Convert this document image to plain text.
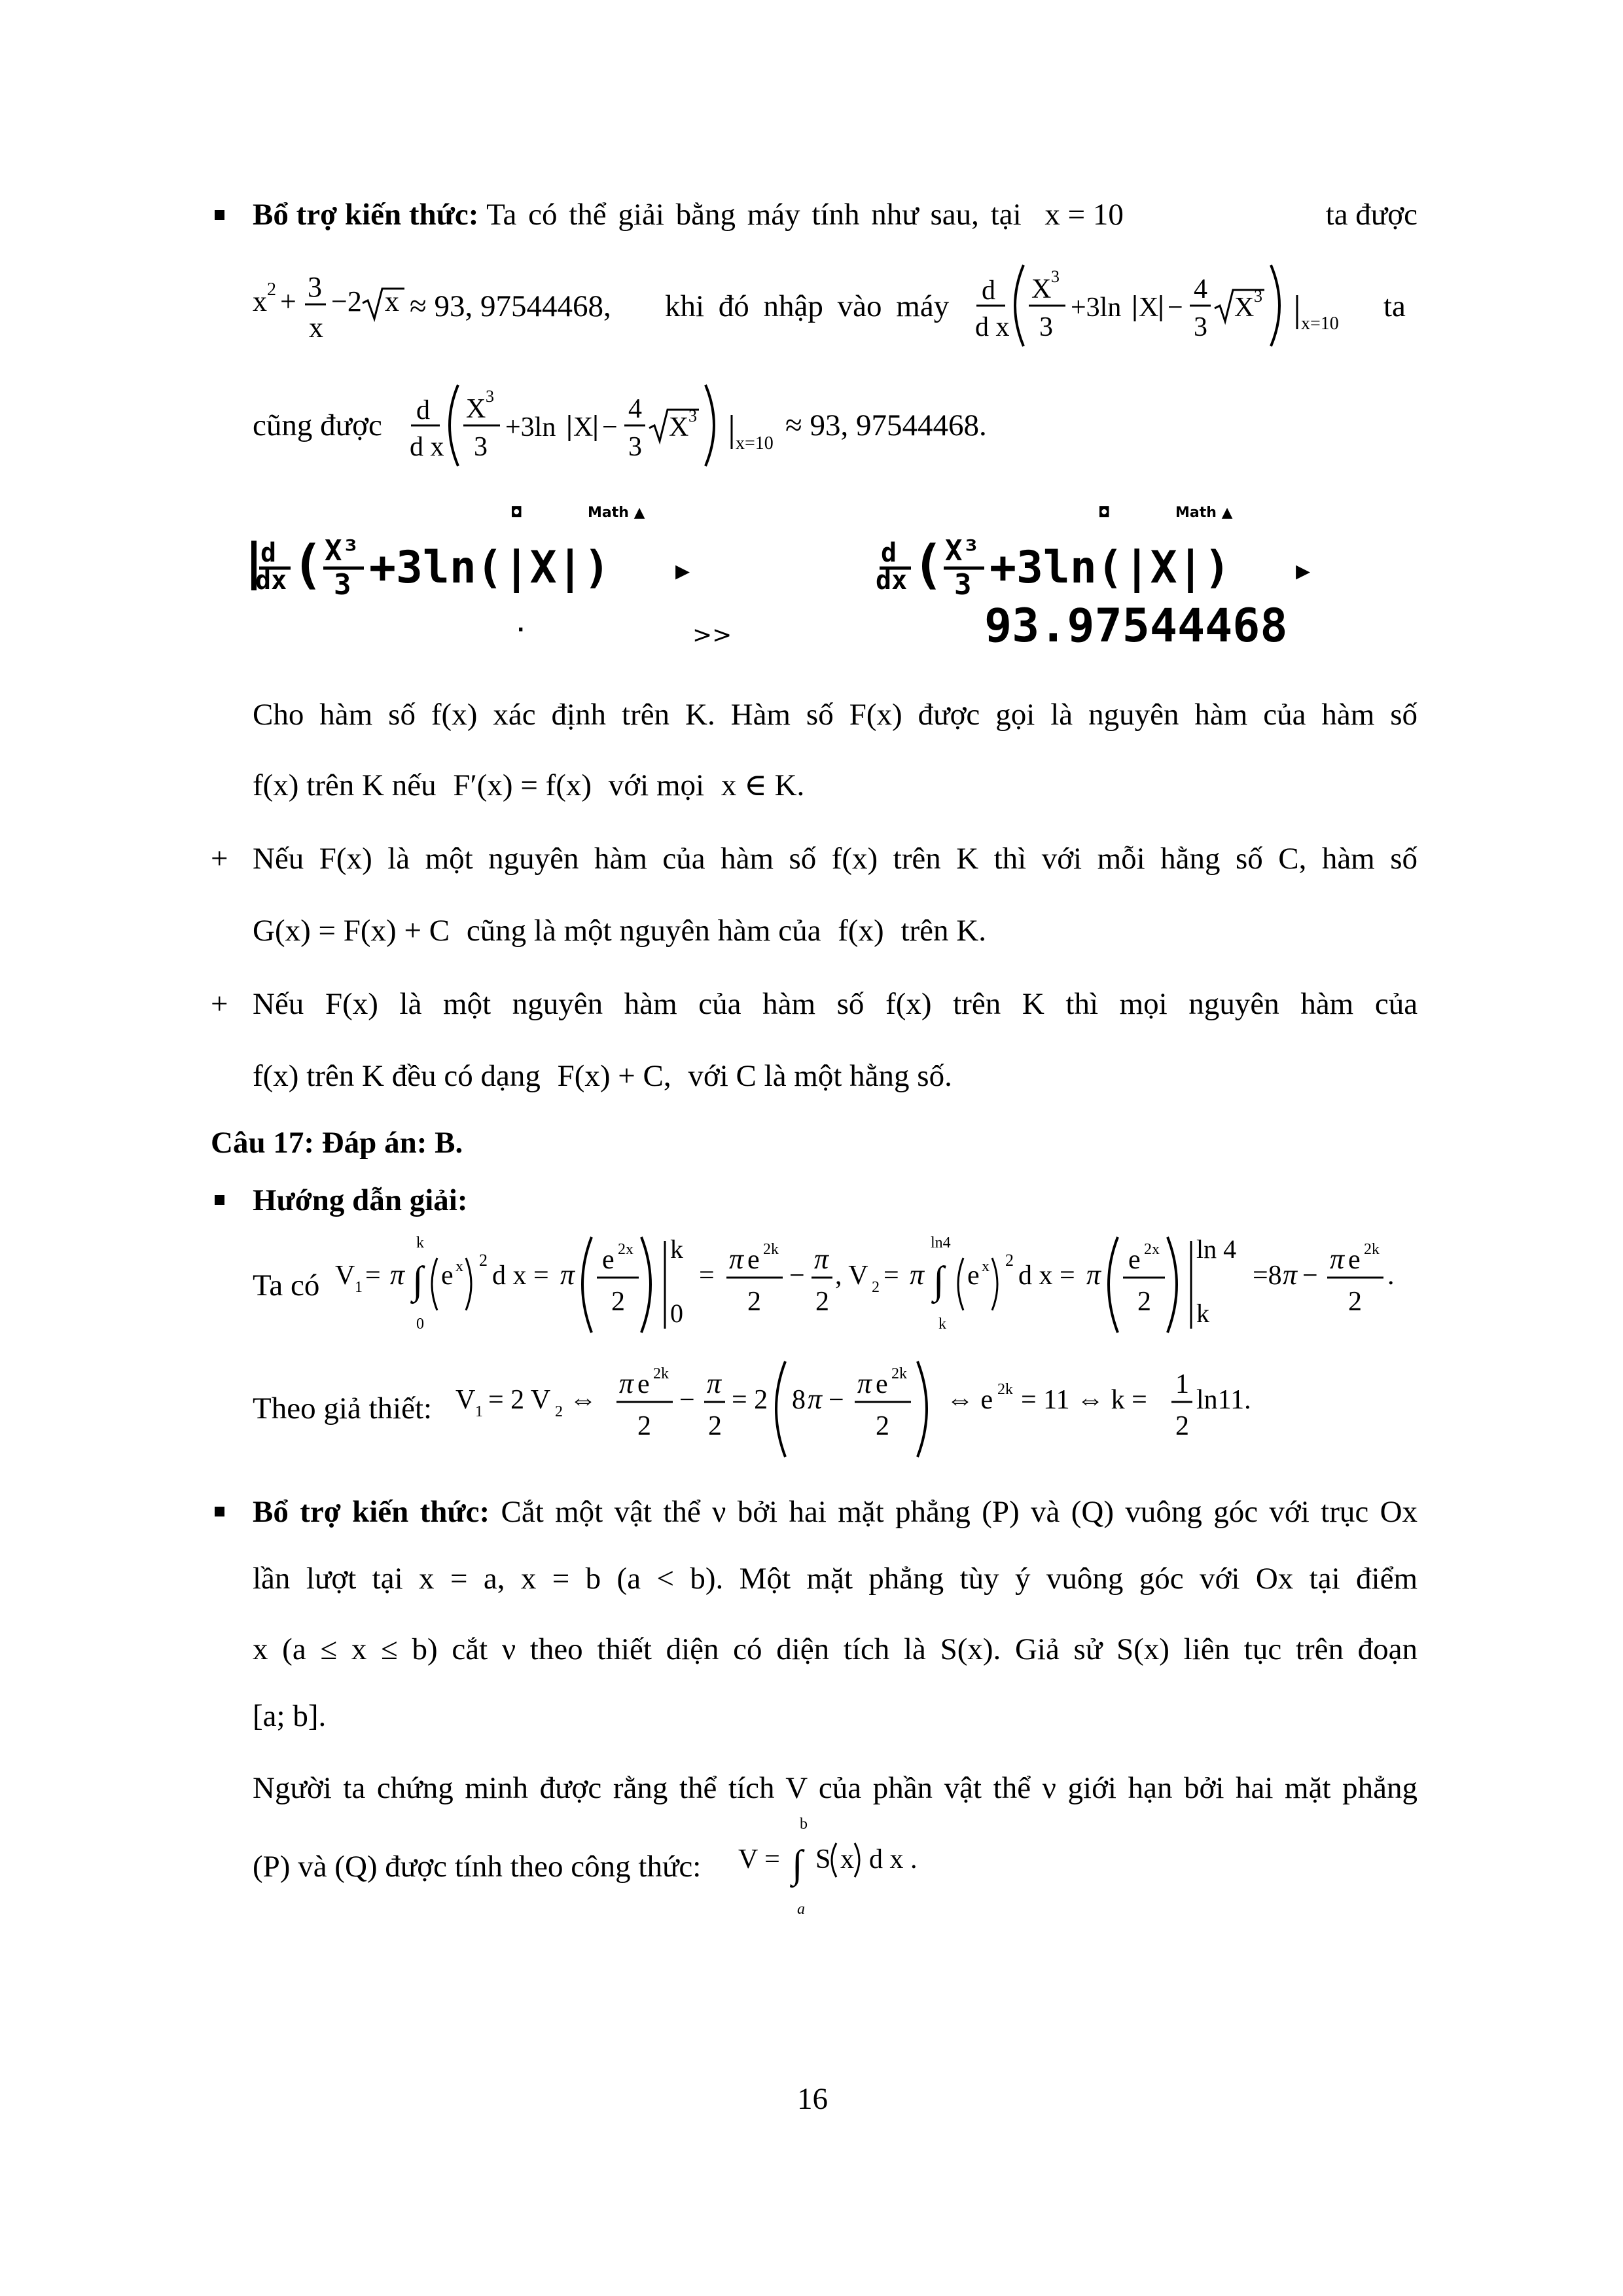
Bổ trợ kiến thức: Ta có thể giải bằng máy tính như sau, tại x = 10	ta được
x 2 + 3
x
−2 x ≈ 93, 97544468, khi đó nhập vào máy d
d x
X 3
3
+3ln X −
4
3
X 3
x=10
ta
cũng được d
d x
X 3
3
+3ln X −
4
3
X 3
x=10
≈ 93, 97544468.
◘	Math ▲
d
dx ( X³
3 +3ln(|X|) ▸
·	>>
◘	Math ▲
d
dx ( X³
3 +3ln(|X|) ▸
93.97544468
Cho hàm số f(x) xác định trên K. Hàm số F(x) được gọi là nguyên hàm của hàm số
f(x) trên K nếu F′(x) = f(x) với mọi x ∈ K.
+ Nếu F(x) là một nguyên hàm của hàm số f(x) trên K thì với mỗi hằng số C, hàm số
G(x) = F(x) + C cũng là một nguyên hàm của f(x) trên K.
+ Nếu F(x) là một nguyên hàm của hàm số f(x) trên K thì mọi nguyên hàm của
f(x) trên K đều có dạng F(x) + C, với C là một hằng số.
Câu 17: Đáp án: B.
Hướng dẫn giải:
Ta có V 1 = π ∫
k
0
e x 2
d x = π e 2x
2
k
0
=
π e 2k
2
−
π
2
, V 2 = π ∫
ln4
k
e x 2
d x = π e 2x
2
ln 4
k
=8 π −
π e 2k
2
.
Theo giả thiết: V 1 = 2 V 2 ⇔
π e 2k
2
−
π
2
= 2 8 π −
π e 2k
2
⇔ e 2k = 11 ⇔ k =
1
2
ln11.
Bổ trợ kiến thức: Cắt một vật thể ν bởi hai mặt phẳng (P) và (Q) vuông góc với trục Ox
lần lượt tại x = a, x = b (a < b). Một mặt phẳng tùy ý vuông góc với Ox tại điểm
x (a ≤ x ≤ b) cắt ν theo thiết diện có diện tích là S(x). Giả sử S(x) liên tục trên đoạn
[a; b].
Người ta chứng minh được rằng thể tích V của phần vật thể ν giới hạn bởi hai mặt phẳng
(P) và (Q) được tính theo công thức: V = ∫
b
a
S x d x .
16
